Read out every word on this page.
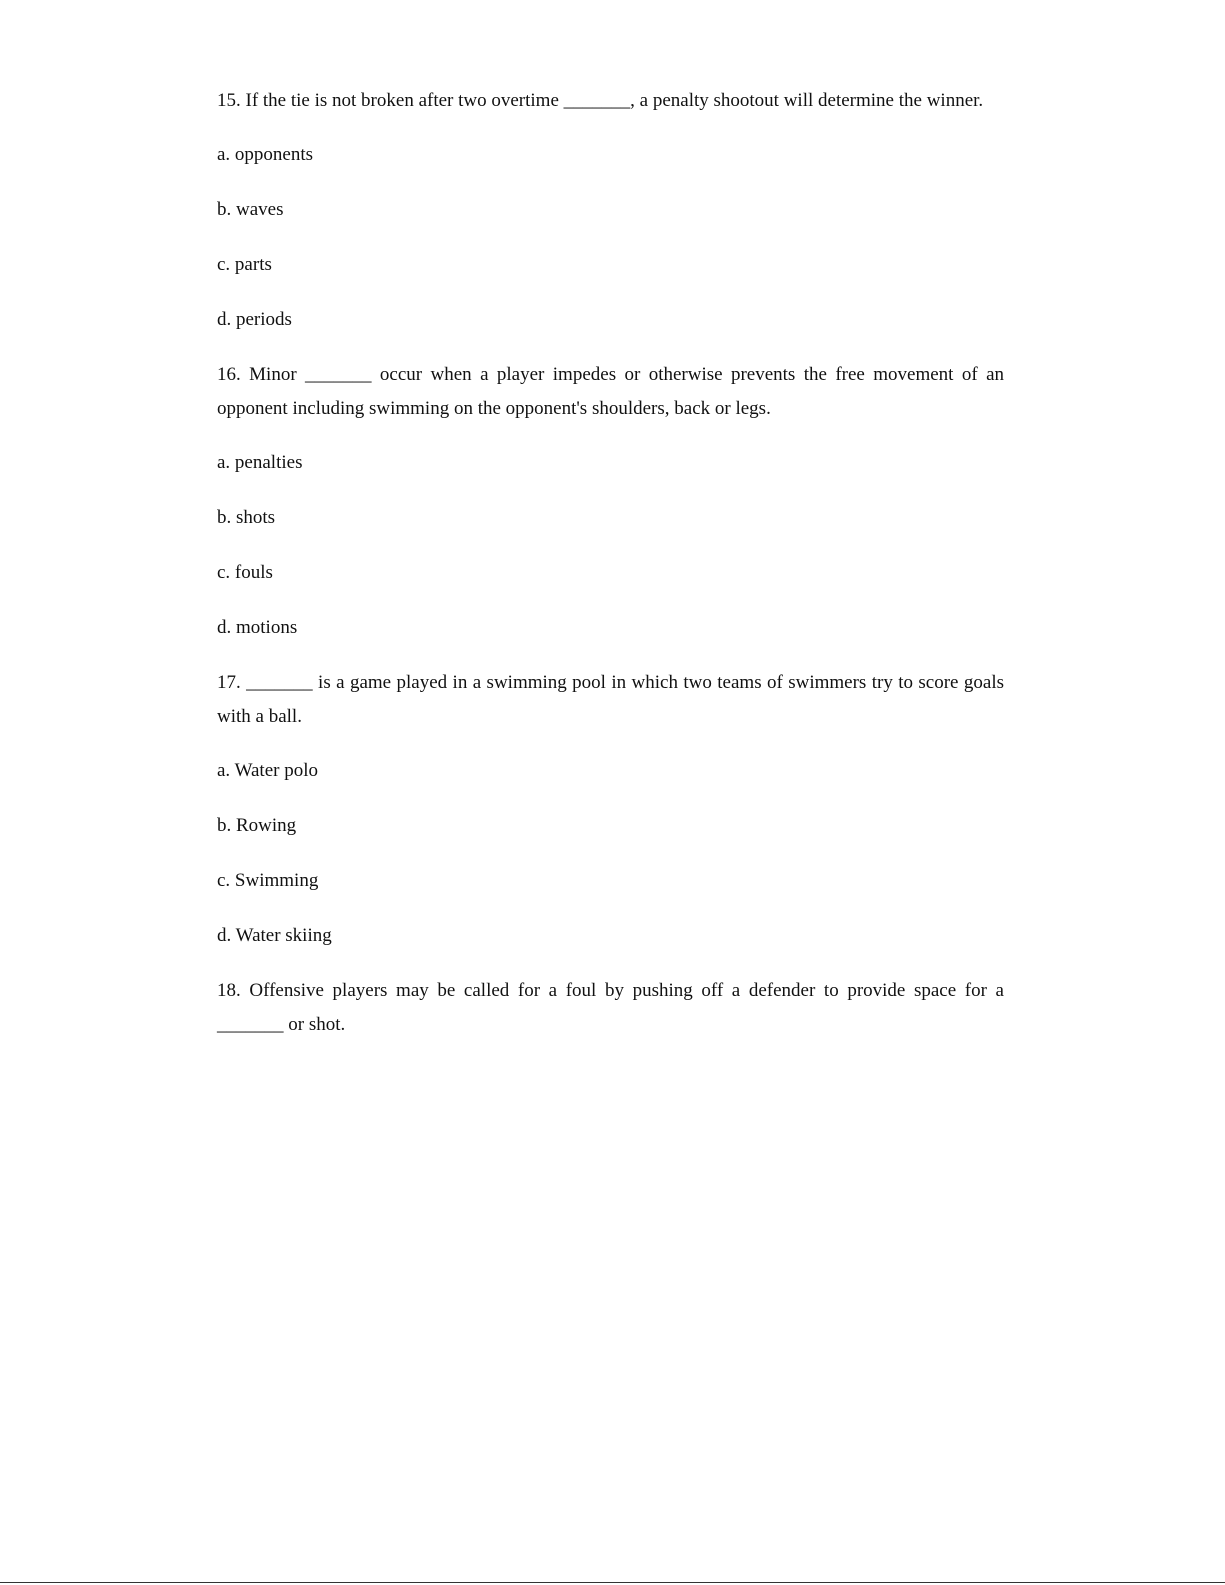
15. If the tie is not broken after two overtime _______, a penalty shootout will determine the winner.

a. opponents
b. waves
c. parts
d. periods

16. Minor _______ occur when a player impedes or otherwise prevents the free movement of an opponent including swimming on the opponent's shoulders, back or legs.

a. penalties
b. shots
c. fouls
d. motions

17. _______ is a game played in a swimming pool in which two teams of swimmers try to score goals with a ball.

a. Water polo
b. Rowing
c. Swimming
d. Water skiing

18. Offensive players may be called for a foul by pushing off a defender to provide space for a _______ or shot.
